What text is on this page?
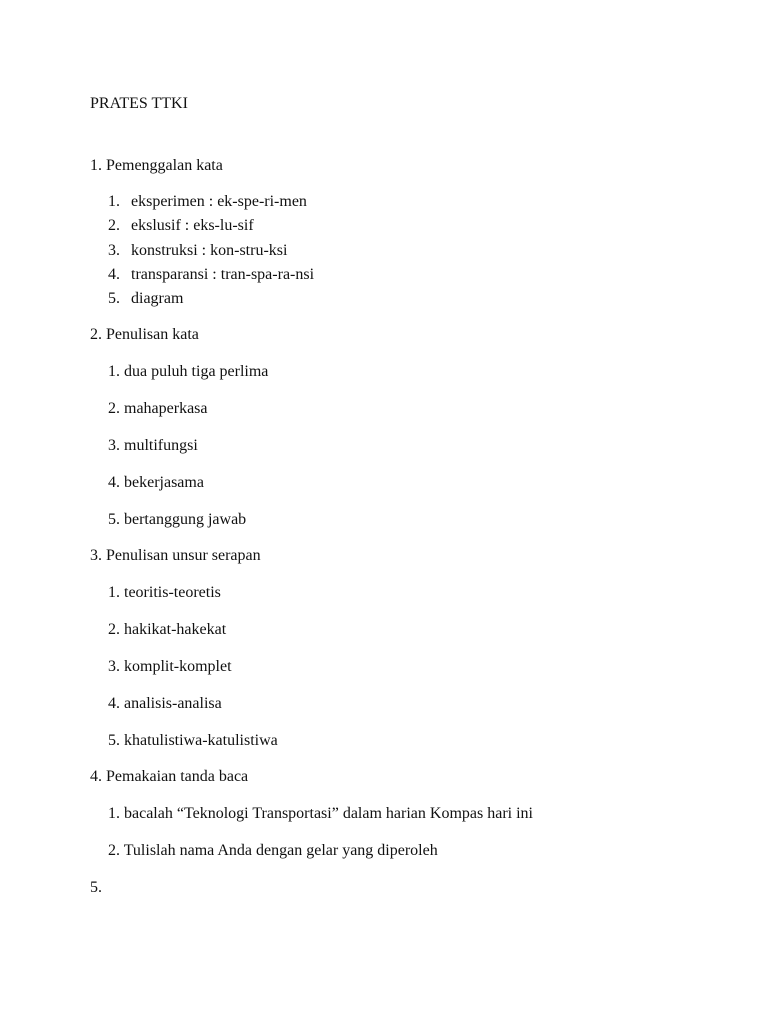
PRATES TTKI

1. Pemenggalan kata

1. eksperimen : ek-spe-ri-men

2. ekslusif : eks-lu-sif

3. konstruksi : kon-stru-ksi

4. transparansi : tran-spa-ra-nsi

5. diagram

2. Penulisan kata

1. dua puluh tiga perlima

2. mahaperkasa

3. multifungsi

4. bekerjasama

5. bertanggung jawab

3. Penulisan unsur serapan

1. teoritis-teoretis

2. hakikat-hakekat

3. komplit-komplet

4. analisis-analisa

5. khatulistiwa-katulistiwa

4. Pemakaian tanda baca

1. bacalah “Teknologi Transportasi” dalam harian Kompas hari ini

2. Tulislah nama Anda dengan gelar yang diperoleh

5.
